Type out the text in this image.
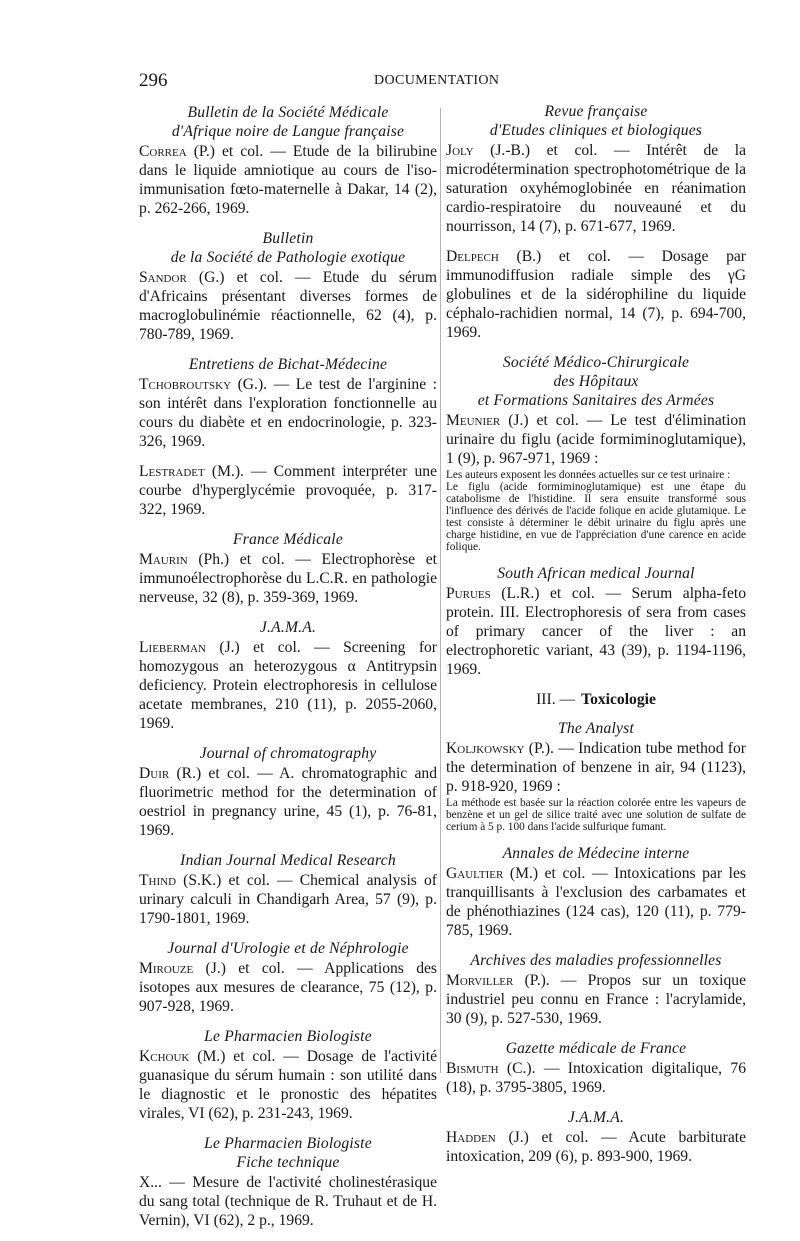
296	DOCUMENTATION
Bulletin de la Société Médicale
d'Afrique noire de Langue française
Correa (P.) et col. — Etude de la bilirubine dans le liquide amniotique au cours de l'iso-immunisation fœto-maternelle à Dakar, 14 (2), p. 262-266, 1969.
Bulletin
de la Société de Pathologie exotique
Sandor (G.) et col. — Etude du sérum d'Africains présentant diverses formes de macroglobulinémie réactionnelle, 62 (4), p. 780-789, 1969.
Entretiens de Bichat-Médecine
Tchobroutsky (G.). — Le test de l'arginine : son intérêt dans l'exploration fonctionnelle au cours du diabète et en endocrinologie, p. 323-326, 1969.
Lestradet (M.). — Comment interpréter une courbe d'hyperglycémie provoquée, p. 317-322, 1969.
France Médicale
Maurin (Ph.) et col. — Electrophorèse et immunoélectrophorèse du L.C.R. en pathologie nerveuse, 32 (8), p. 359-369, 1969.
J.A.M.A.
Lieberman (J.) et col. — Screening for homozygous an heterozygous α Antitrypsin deficiency. Protein electrophoresis in cellulose acetate membranes, 210 (11), p. 2055-2060, 1969.
Journal of chromatography
Duir (R.) et col. — A. chromatographic and fluorimetric method for the determination of oestriol in pregnancy urine, 45 (1), p. 76-81, 1969.
Indian Journal Medical Research
Thind (S.K.) et col. — Chemical analysis of urinary calculi in Chandigarh Area, 57 (9), p. 1790-1801, 1969.
Journal d'Urologie et de Néphrologie
Mirouze (J.) et col. — Applications des isotopes aux mesures de clearance, 75 (12), p. 907-928, 1969.
Le Pharmacien Biologiste
Kchouk (M.) et col. — Dosage de l'activité guanasique du sérum humain : son utilité dans le diagnostic et le pronostic des hépatites virales, VI (62), p. 231-243, 1969.
Le Pharmacien Biologiste
Fiche technique
X... — Mesure de l'activité cholinestérasique du sang total (technique de R. Truhaut et de H. Vernin), VI (62), 2 p., 1969.
Revue française
d'Etudes cliniques et biologiques
Joly (J.-B.) et col. — Intérêt de la microdétermination spectrophotométrique de la saturation oxyhémoglobinée en réanimation cardio-respiratoire du nouveauné et du nourrisson, 14 (7), p. 671-677, 1969.
Delpech (B.) et col. — Dosage par immunodiffusion radiale simple des γG globulines et de la sidérophiline du liquide céphalo-rachidien normal, 14 (7), p. 694-700, 1969.
Société Médico-Chirurgicale
des Hôpitaux
et Formations Sanitaires des Armées
Meunier (J.) et col. — Le test d'élimination urinaire du figlu (acide formiminoglutamique), 1 (9), p. 967-971, 1969 :
Les auteurs exposent les données actuelles sur ce test urinaire :
Le figlu (acide formiminoglutamique) est une étape du catabolisme de l'histidine. Il sera ensuite transformé sous l'influence des dérivés de l'acide folique en acide glutamique. Le test consiste à déterminer le débit urinaire du figlu après une charge histidine, en vue de l'appréciation d'une carence en acide folique.
South African medical Journal
Purues (L.R.) et col. — Serum alpha-feto protein. III. Electrophoresis of sera from cases of primary cancer of the liver : an electrophoretic variant, 43 (39), p. 1194-1196, 1969.
III. — Toxicologie
The Analyst
Koljkowsky (P.). — Indication tube method for the determination of benzene in air, 94 (1123), p. 918-920, 1969 :
La méthode est basée sur la réaction colorée entre les vapeurs de benzène et un gel de silice traité avec une solution de sulfate de cerium à 5 p. 100 dans l'acide sulfurique fumant.
Annales de Médecine interne
Gaultier (M.) et col. — Intoxications par les tranquillisants à l'exclusion des carbamates et de phénothiazines (124 cas), 120 (11), p. 779-785, 1969.
Archives des maladies professionnelles
Morviller (P.). — Propos sur un toxique industriel peu connu en France : l'acrylamide, 30 (9), p. 527-530, 1969.
Gazette médicale de France
Bismuth (C.). — Intoxication digitalique, 76 (18), p. 3795-3805, 1969.
J.A.M.A.
Hadden (J.) et col. — Acute barbiturate intoxication, 209 (6), p. 893-900, 1969.
